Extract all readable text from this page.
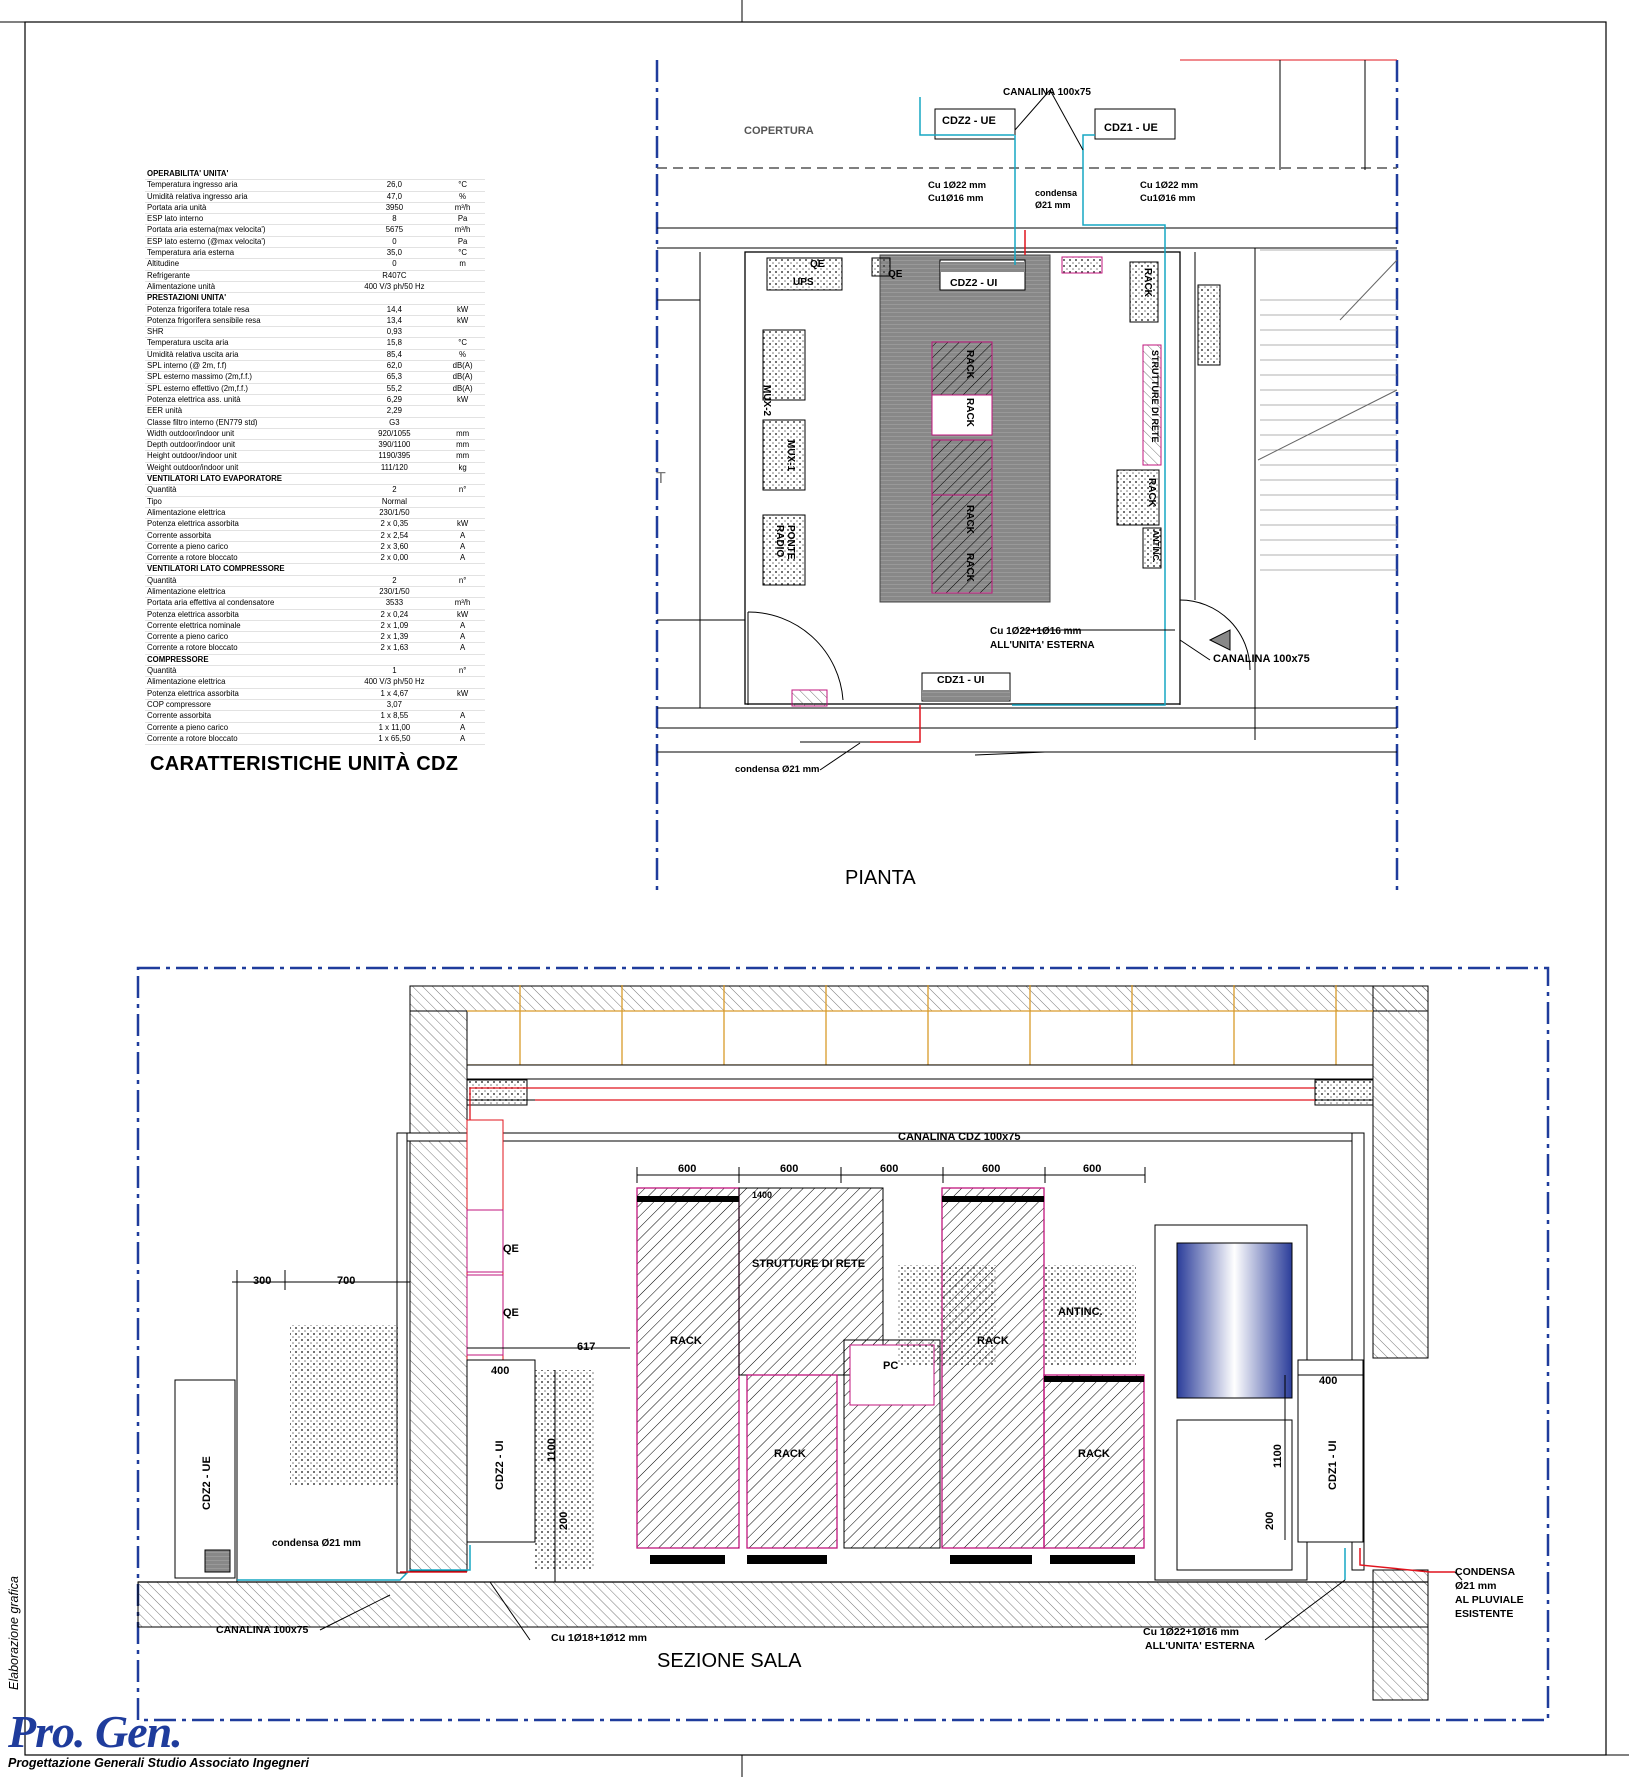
OPERABILITA' UNITA'		
Temperatura ingresso aria	26,0	°C
Umidità relativa ingresso aria	47,0	%
Portata aria unità	3950	m³/h
ESP lato interno	8	Pa
Portata aria esterna(max velocita')	5675	m³/h
ESP lato esterno (@max velocita')	0	Pa
Temperatura aria esterna	35,0	°C
Altitudine	0	m
Refrigerante	R407C	
Alimentazione unità	400 V/3 ph/50 Hz	
PRESTAZIONI UNITA'		
Potenza frigorifera totale resa	14,4	kW
Potenza frigorifera sensibile resa	13,4	kW
SHR	0,93	
Temperatura uscita aria	15,8	°C
Umidità relativa uscita aria	85,4	%
SPL interno (@ 2m, f.f)	62,0	dB(A)
SPL esterno massimo (2m,f.f.)	65,3	dB(A)
SPL esterno effettivo (2m,f.f.)	55,2	dB(A)
Potenza elettrica ass. unità	6,29	kW
EER unità	2,29	
Classe filtro interno (EN779 std)	G3	
Width outdoor/indoor unit	920/1055	mm
Depth outdoor/indoor unit	390/1100	mm
Height outdoor/indoor unit	1190/395	mm
Weight outdoor/indoor unit	111/120	kg
VENTILATORI LATO EVAPORATORE		
Quantità	2	n°
Tipo	Normal	
Alimentazione elettrica	230/1/50	
Potenza elettrica assorbita	2 x 0,35	kW
Corrente assorbita	2 x 2,54	A
Corrente a pieno carico	2 x 3,60	A
Corrente a rotore bloccato	2 x 0,00	A
VENTILATORI LATO COMPRESSORE		
Quantità	2	n°
Alimentazione elettrica	230/1/50	
Portata aria effettiva al condensatore	3533	m³/h
Potenza elettrica assorbita	2 x 0,24	kW
Corrente elettrica nominale	2 x 1,09	A
Corrente a pieno carico	2 x 1,39	A
Corrente a rotore bloccato	2 x 1,63	A
COMPRESSORE		
Quantità	1	n°
Alimentazione elettrica	400 V/3 ph/50 Hz	
Potenza elettrica assorbita	1 x 4,67	kW
COP compressore	3,07	
Corrente assorbita	1 x 8,55	A
Corrente a pieno carico	1 x 11,00	A
Corrente a rotore bloccato	1 x 65,50	A
CARATTERISTICHE UNITÀ CDZ
COPERTURA
CANALINA 100x75
CDZ2 - UE
CDZ1 - UE
Cu 1Ø22 mm
Cu1Ø16 mm	condensa
Ø21 mm
Cu 1Ø22 mm
Cu1Ø16 mm
CDZ2 - UI
CDZ1 - UI
QE
QE
UPS
MUX-2
MUX-1
PONTE RADIO
RACK
RACK
STRUTTURE DI RETE
ANTINC.
RACK
RACK
RACK
RACK
Cu 1Ø22+1Ø16 mm
ALL'UNITA' ESTERNA
CANALINA 100x75
condensa Ø21 mm
T
PIANTA
CANALINA CDZ 100x75
600	600	600	600	600
1400
STRUTTURE DI RETE
RACK
RACK
RACK
RACK
PC
ANTINC.
QE
QE
300	700
617
400
400
1100
200
1100
200
CDZ2 - UE	CDZ2 - UI	CDZ1 - UI
condensa Ø21 mm
CANALINA 100x75
Cu 1Ø18+1Ø12 mm	Cu 1Ø22+1Ø16 mm
ALL'UNITA' ESTERNA
CONDENSA
Ø21 mm
AL PLUVIALE
ESISTENTE
SEZIONE SALA
Elaborazione grafica
Pro. Gen.
Progettazione Generali Studio Associato Ingegneri
